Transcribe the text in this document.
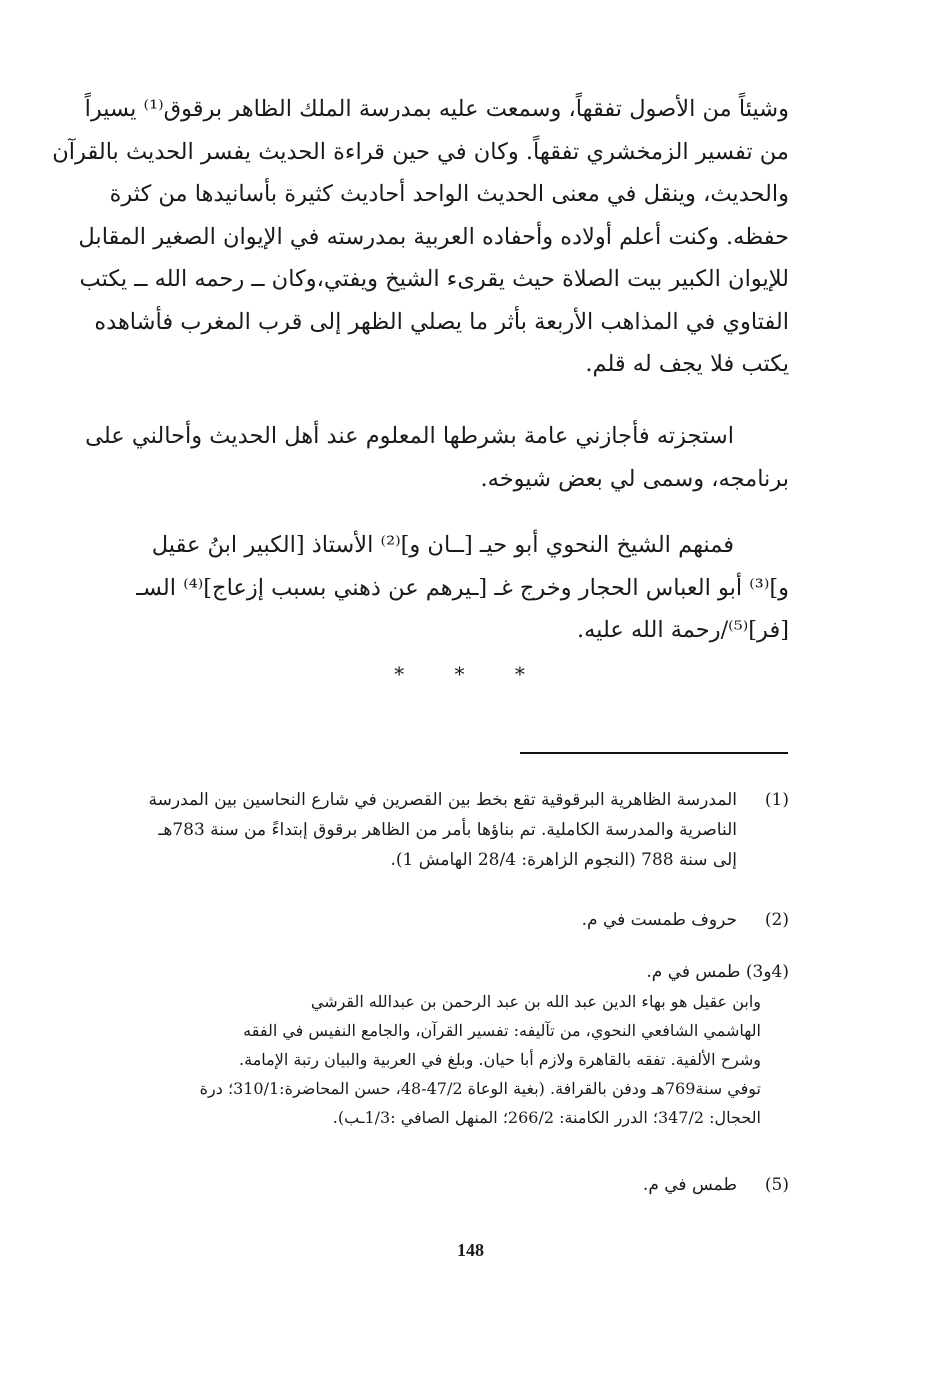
وشيئاً من الأصول تفقهاً، وسمعت عليه بمدرسة الملك الظاهر برقوق⁽¹⁾ يسيراً
من تفسير الزمخشري تفقهاً. وكان في حين قراءة الحديث يفسر الحديث بالقرآن
والحديث، وينقل في معنى الحديث الواحد أحاديث كثيرة بأسانيدها من كثرة
حفظه. وكنت أعلم أولاده وأحفاده العربية بمدرسته في الإيوان الصغير المقابل
للإيوان الكبير بيت الصلاة حيث يقرىء الشيخ ويفتي،وكان ــ رحمه الله ــ يكتب
الفتاوي في المذاهب الأربعة بأثر ما يصلي الظهر إلى قرب المغرب فأشاهده
يكتب فلا يجف له قلم.
استجزته فأجازني عامة بشرطها المعلوم عند أهل الحديث وأحالني على
برنامجه، وسمى لي بعض شيوخه.
فمنهم الشيخ النحوي أبو حيـ [ــان و]⁽²⁾ الأستاذ [الكبير ابنُ عقيل
و]⁽³⁾ أبو العباس الحجار وخرج غـ [ـيرهم عن ذهني بسبب إزعاج]⁽⁴⁾ السـ
[فر]⁽⁵⁾/رحمة الله عليه.
* * *
(1)
المدرسة الظاهرية البرقوقية تقع بخط بين القصرين في شارع النحاسين بين المدرسة
الناصرية والمدرسة الكاملية. تم بناؤها بأمر من الظاهر برقوق إبتداءً من سنة 783هـ
إلى سنة 788 (النجوم الزاهرة: 28/4 الهامش 1).
(2)
حروف طمست في م.
(4و3) طمس في م.
وابن عقيل هو بهاء الدين عبد الله بن عبد الرحمن بن عبدالله القرشي
الهاشمي الشافعي النحوي، من تآليفه: تفسير القرآن، والجامع النفيس في الفقه
وشرح الألفية. تفقه بالقاهرة ولازم أبا حيان. وبلغ في العربية والبيان رتبة الإمامة.
توفي سنة769هـ ودفن بالقرافة. (بغية الوعاة 47/2-48، حسن المحاضرة:310/1؛ درة
الحجال: 347/2؛ الدرر الكامنة: 266/2؛ المنهل الصافي :1/3ـب).
(5)
طمس في م.
148
